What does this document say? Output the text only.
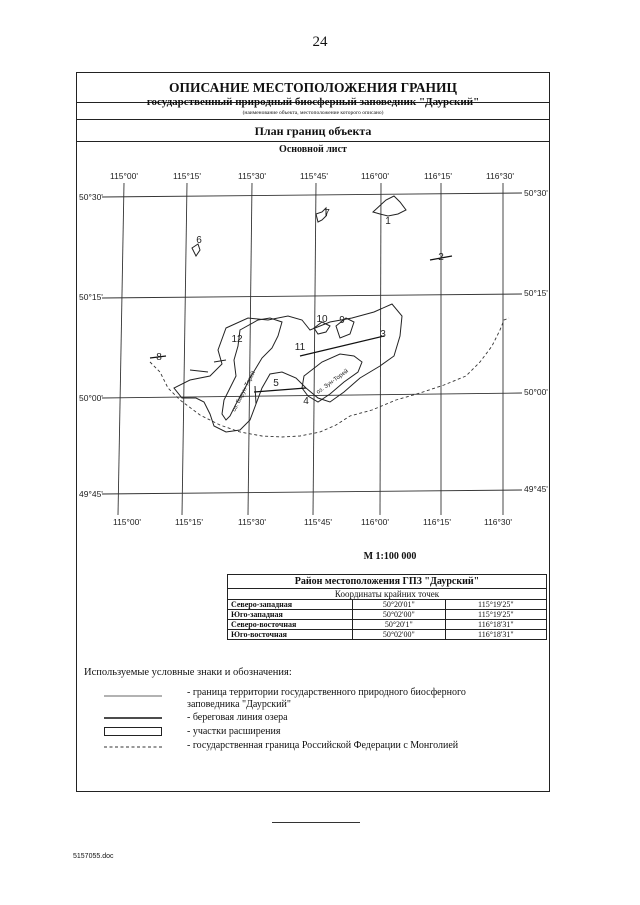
24
ОПИСАНИЕ МЕСТОПОЛОЖЕНИЯ ГРАНИЦ
государственный природный биосферный заповедник "Даурский"
(наименование объекта, местоположение которого описано)
План границ объекта
Основной лист
115°00'	115°15'	115°30'	115°45'	116°00'	116°15'	116°30'
115°00'	115°15'	115°30'	115°45'	116°00'	116°15'	116°30'
50°30'
50°15'
50°00'
49°45'
50°30'
50°15'
50°00'
49°45'
1
2
3
4
5
6
7
8
9
10
11
12
оз. Барун-Торей	оз. Зун-Торей
М 1:100 000
Район местоположения ГПЗ "Даурский"		
Координаты крайних точек		
Северо-западная	50°20'01"	115°19'25"
Юго-западная	50°02'00"	115°19'25"
Северо-восточная	50°20'1"	116°18'31"
Юго-восточная	50°02'00"	116°18'31"
Используемые условные знаки и обозначения:
- граница территории государственного природного биосферного заповедника "Даурский"
- береговая линия озера
- участки расширения
- государственная граница Российской Федерации с Монголией
5157055.doc
